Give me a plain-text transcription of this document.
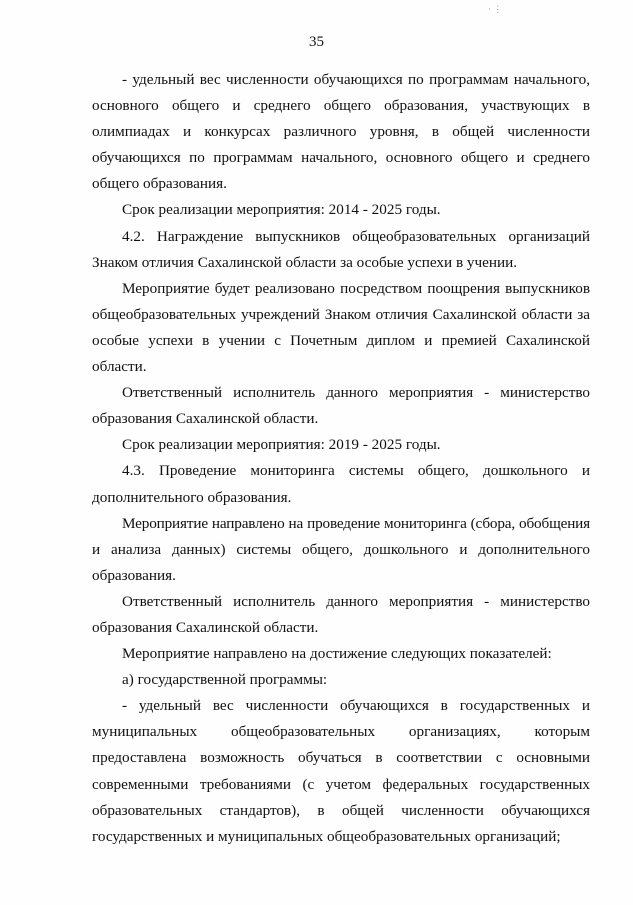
35
· ⋮
- удельный вес численности обучающихся по программам начального,
основного общего и среднего общего образования, участвующих в
олимпиадах и конкурсах различного уровня, в общей численности
обучающихся по программам начального, основного общего и среднего
общего образования.
Срок реализации мероприятия: 2014 - 2025 годы.
4.2. Награждение выпускников общеобразовательных организаций
Знаком отличия Сахалинской области за особые успехи в учении.
Мероприятие будет реализовано посредством поощрения выпускников
общеобразовательных учреждений Знаком отличия Сахалинской области за
особые успехи в учении с Почетным диплом и премией Сахалинской
области.
Ответственный исполнитель данного мероприятия - министерство
образования Сахалинской области.
Срок реализации мероприятия: 2019 - 2025 годы.
4.3. Проведение мониторинга системы общего, дошкольного и
дополнительного образования.
Мероприятие направлено на проведение мониторинга (сбора, обобщения
и анализа данных) системы общего, дошкольного и дополнительного
образования.
Ответственный исполнитель данного мероприятия - министерство
образования Сахалинской области.
Мероприятие направлено на достижение следующих показателей:
а) государственной программы:
- удельный вес численности обучающихся в государственных и
муниципальных общеобразовательных организациях, которым
предоставлена возможность обучаться в соответствии с основными
современными требованиями (с учетом федеральных государственных
образовательных стандартов), в общей численности обучающихся
государственных и муниципальных общеобразовательных организаций;
